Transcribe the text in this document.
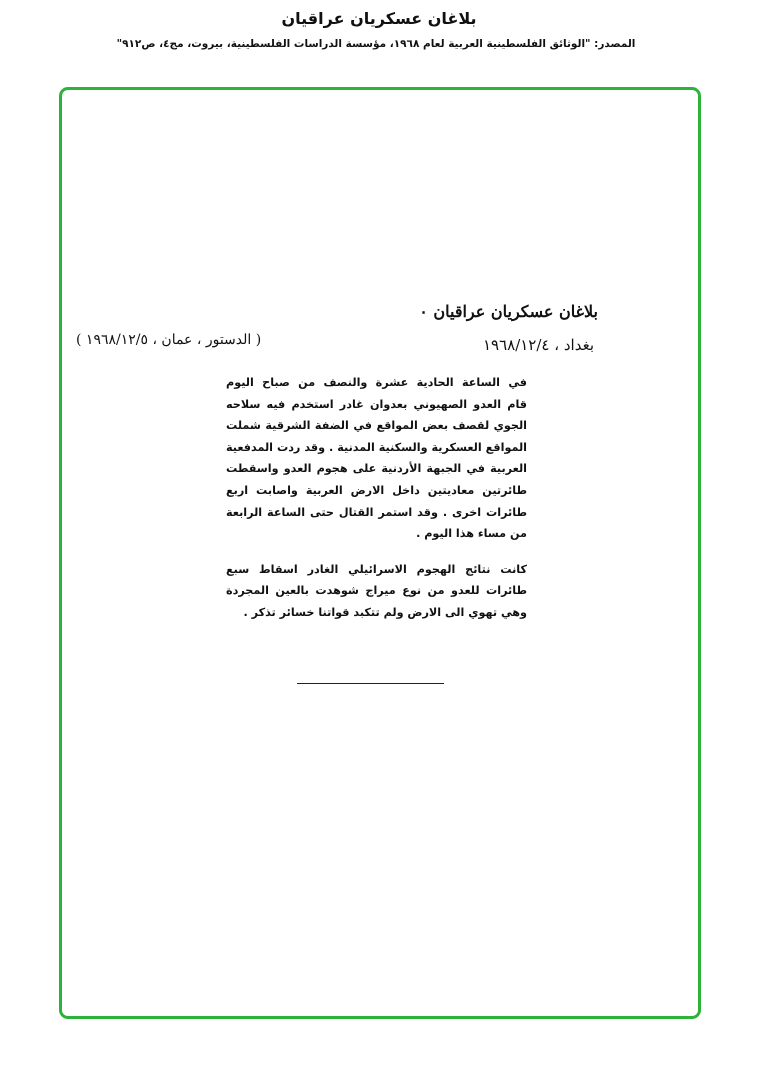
بلاغان عسكريان عراقيان
المصدر: "الوثائق الفلسطينية العربية لعام ١٩٦٨، مؤسسة الدراسات الفلسطينية، بيروت، مج٤، ص٩١٢"
بلاغان عسكريان عراقيان ٠
بغداد ، ١٩٦٨/١٢/٤
( الدستور ، عمان ، ١٩٦٨/١٢/٥ )
في الساعة الحادية عشرة والنصف من صباح اليوم
قام العدو الصهيوني بعدوان غادر استخدم فيه سلاحه
الجوي لقصف بعض المواقع في الضفة الشرقية شملت
المواقع العسكرية والسكنية المدنية . وقد ردت المدفعية
العربية في الجبهة الأردنية على هجوم العدو واسقطت
طائرتين معاديتين داخل الارض العربية واصابت اربع
طائرات اخرى . وقد استمر القتال حتى الساعة الرابعة
من مساء هذا اليوم .
كانت نتائج الهجوم الاسرائيلي الغادر اسقاط سبع
طائرات للعدو من نوع ميراج شوهدت بالعين المجردة
وهي تهوي الى الارض ولم تتكبد قواتنا خسائر تذكر .
